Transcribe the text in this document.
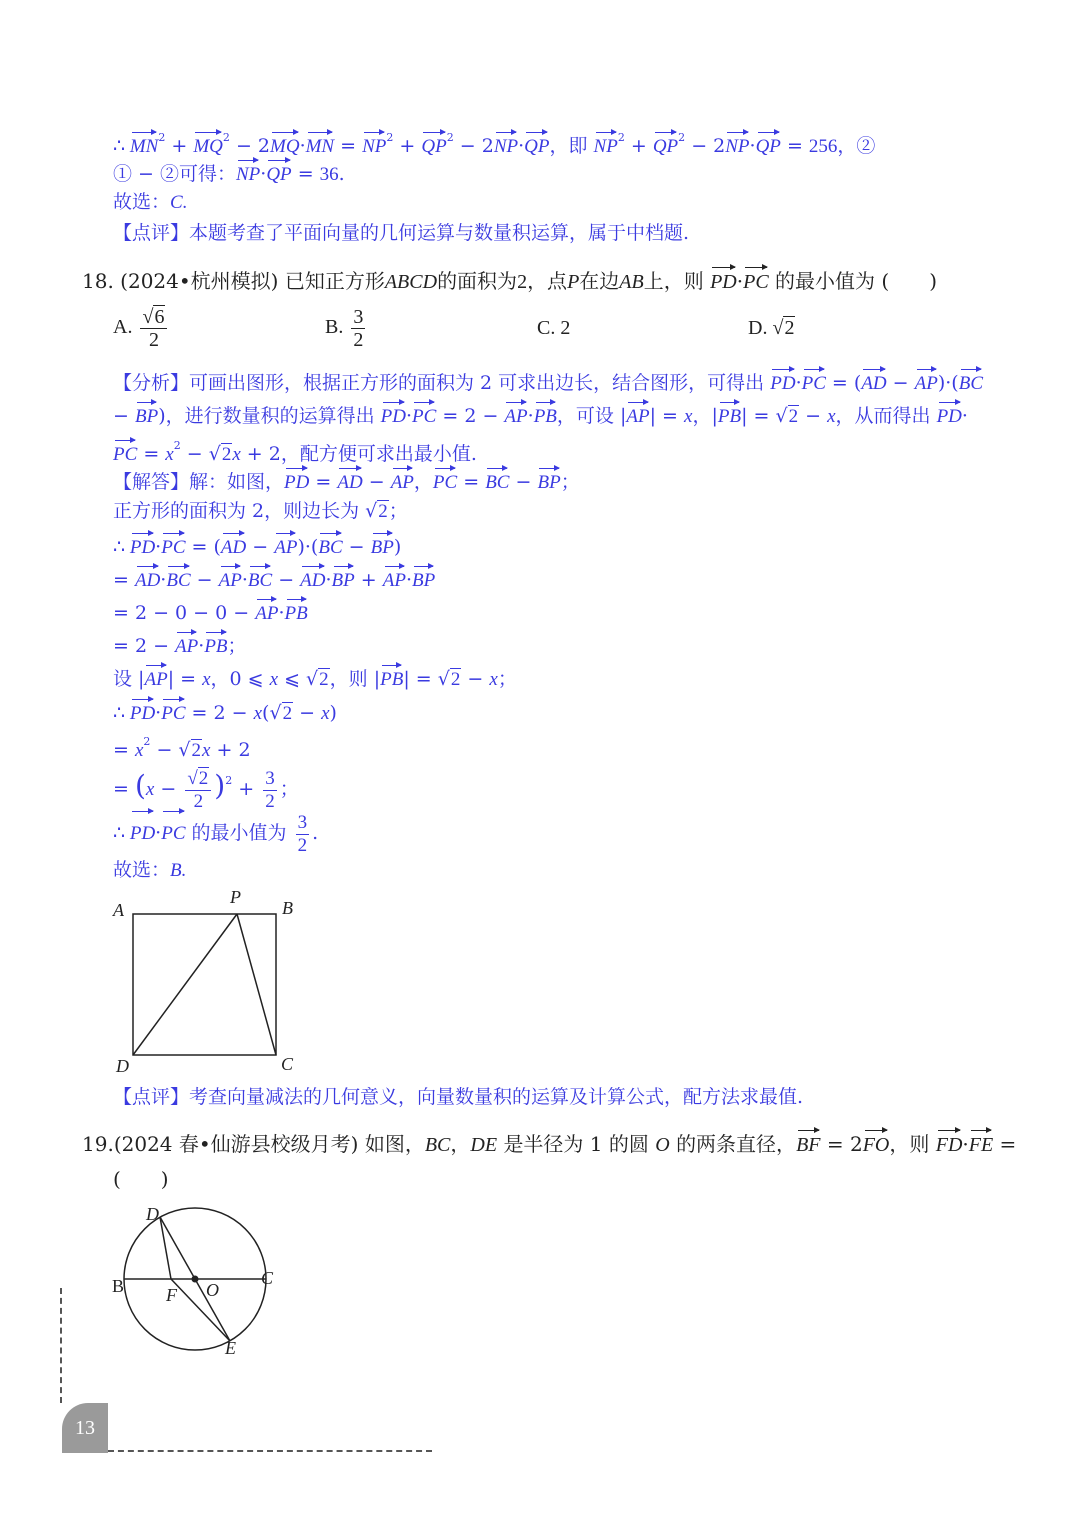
∴ $MN^2 + MQ^2 - 2MQ\cdot MN = NP^2 + QP^2 - 2NP\cdot QP$，即 $NP^2 + QP^2 - 2NP\cdot QP = 256$，②
① − ②可得：NP·QP = 36.
故选：C.
【点评】本题考查了平面向量的几何运算与数量积运算，属于中档题.
18. (2024•杭州模拟) 已知正方形ABCD的面积为2，点P在边AB上，则 PD·PC 的最小值为 (　　)
A. $\frac{√6}{2}$	B. $\frac{3}{2}$	C. 2	D. √2
【分析】可画出图形，根据正方形的面积为 2 可求出边长，结合图形，可得出 PD·PC = (AD − AP)·(BC
− BP)，进行数量积的运算得出 PD·PC = 2 − AP·PB，可设 |AP| = x，|PB| = √2 − x，从而得出 PD·
PC = $x^2 - √2x + 2$，配方便可求出最小值.
【解答】解：如图，PD = AD − AP，PC = BC − BP；
正方形的面积为 2，则边长为 √2；
∴ PD·PC = (AD − AP)·(BC − BP)
= AD·BC − AP·BC − AD·BP + AP·BP
= 2 − 0 − 0 − AP·PB
= 2 − AP·PB；
设 |AP| = x，0 ⩽ x ⩽ √2，则 |PB| = √2 − x；
∴ PD·PC = 2 − x(√2 − x)
= $x^2 - √2x + 2$
= $(x - \frac{√2}{2} )^2 + \frac{3}{2}$ ；
∴ PD·PC 的最小值为 $\frac{3}{2}$ .
故选：B.
A
P
B
D	C
【点评】考查向量减法的几何意义，向量数量积的运算及计算公式，配方法求最值.
19.(2024 春•仙游县校级月考) 如图，BC，DE 是半径为 1 的圆 O 的两条直径，BF = 2FO，则 FD·FE =
(　　)
D
B F O
C
E
13
